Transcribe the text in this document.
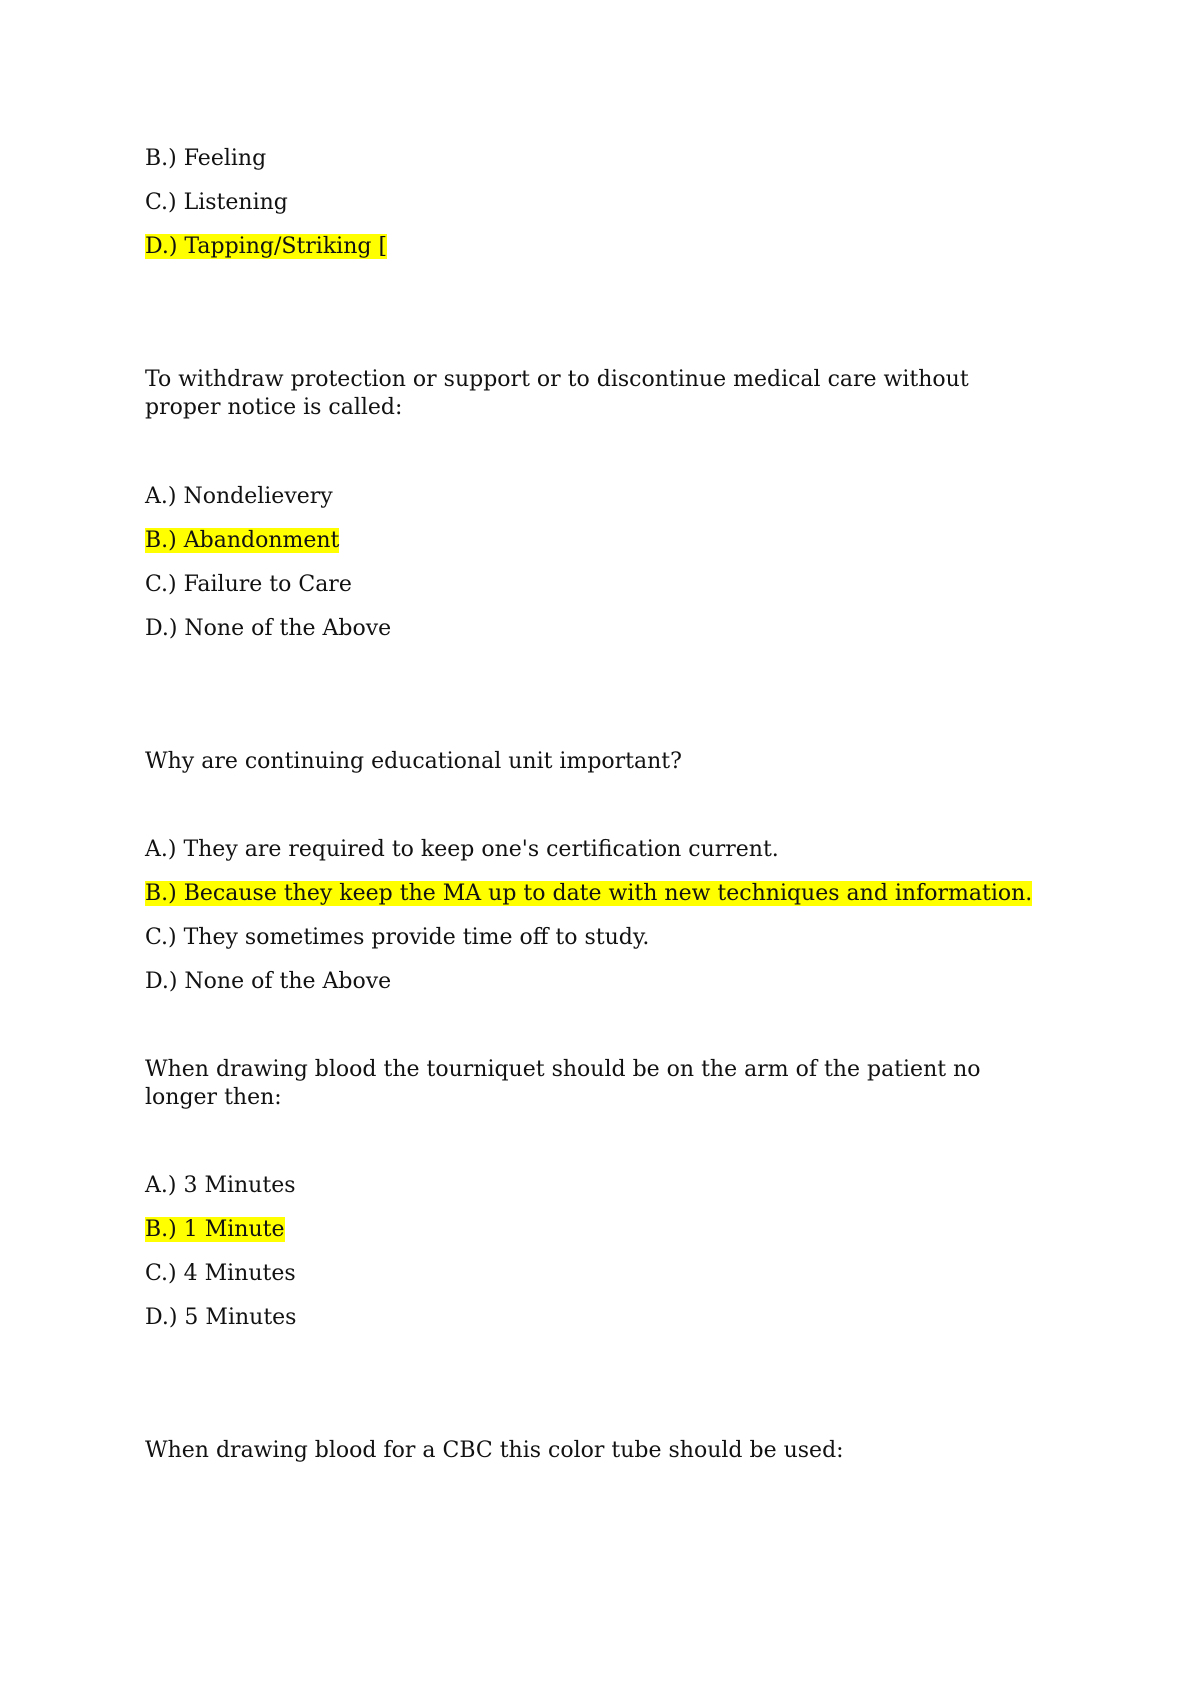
B.) Feeling
C.) Listening
D.) Tapping/Striking [
To withdraw protection or support or to discontinue medical care without proper notice is called:
A.) Nondelievery
B.) Abandonment
C.) Failure to Care
D.) None of the Above
Why are continuing educational unit important?
A.) They are required to keep one's certification current.
B.) Because they keep the MA up to date with new techniques and information.
C.) They sometimes provide time off to study.
D.) None of the Above
When drawing blood the tourniquet should be on the arm of the patient no longer then:
A.) 3 Minutes
B.) 1 Minute
C.) 4 Minutes
D.) 5 Minutes
When drawing blood for a CBC this color tube should be used:
